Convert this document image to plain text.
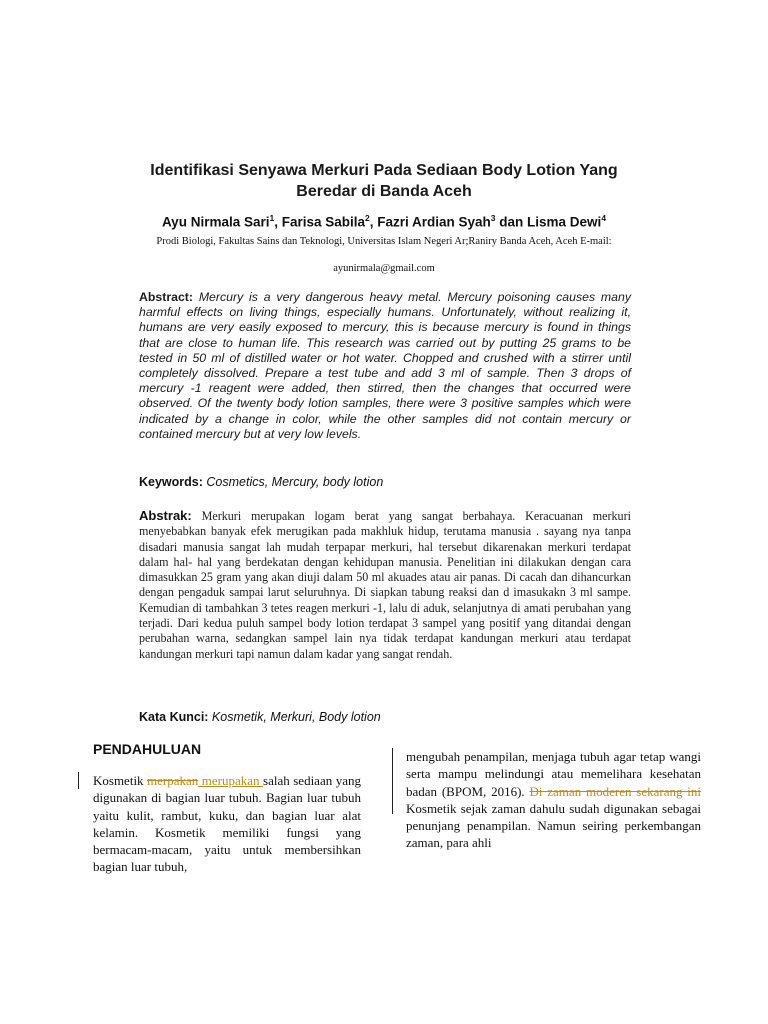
Identifikasi Senyawa Merkuri Pada Sediaan Body Lotion Yang
Beredar di Banda Aceh
Ayu Nirmala Sari$^1$, Farisa Sabila$^2$, Fazri Ardian Syah$^3$ dan Lisma Dewi$^4$
Prodi Biologi, Fakultas Sains dan Teknologi, Universitas Islam Negeri Ar;Raniry Banda Aceh, Aceh E-mail:
ayunirmala@gmail.com
Abstract: Mercury is a very dangerous heavy metal. Mercury poisoning causes many harmful effects on living things, especially humans. Unfortunately, without realizing it, humans are very easily exposed to mercury, this is because mercury is found in things that are close to human life. This research was carried out by putting 25 grams to be tested in 50 ml of distilled water or hot water. Chopped and crushed with a stirrer until completely dissolved. Prepare a test tube and add 3 ml of sample. Then 3 drops of mercury -1 reagent were added, then stirred, then the changes that occurred were observed. Of the twenty body lotion samples, there were 3 positive samples which were indicated by a change in color, while the other samples did not contain mercury or contained mercury but at very low levels.
Keywords: Cosmetics, Mercury, body lotion
Abstrak: Merkuri merupakan logam berat yang sangat berbahaya. Keracuanan merkuri menyebabkan banyak efek merugikan pada makhluk hidup, terutama manusia . sayang nya tanpa disadari manusia sangat lah mudah terpapar merkuri, hal tersebut dikarenakan merkuri terdapat dalam hal- hal yang berdekatan dengan kehidupan manusia. Penelitian ini dilakukan dengan cara dimasukkan 25 gram yang akan diuji dalam 50 ml akuades atau air panas. Di cacah dan dihancurkan dengan pengaduk sampai larut seluruhnya. Di siapkan tabung reaksi dan d imasukakn 3 ml sampe. Kemudian di tambahkan 3 tetes reagen merkuri -1, lalu di aduk, selanjutnya di amati perubahan yang terjadi. Dari kedua puluh sampel body lotion terdapat 3 sampel yang positif yang ditandai dengan perubahan warna, sedangkan sampel lain nya tidak terdapat kandungan merkuri atau terdapat kandungan merkuri tapi namun dalam kadar yang sangat rendah.
Kata Kunci: Kosmetik, Merkuri, Body lotion
PENDAHULUAN
Kosmetik merpakan merupakan salah sediaan yang digunakan di bagian luar tubuh. Bagian luar tubuh yaitu kulit, rambut, kuku, dan bagian luar alat kelamin. Kosmetik memiliki fungsi yang bermacam-macam, yaitu untuk membersihkan bagian luar tubuh,
mengubah penampilan, menjaga tubuh agar tetap wangi serta mampu melindungi atau memelihara kesehatan badan (BPOM, 2016). Di zaman moderen sekarang ini Kosmetik sejak zaman dahulu sudah digunakan sebagai penunjang penampilan. Namun seiring perkembangan zaman, para ahli
